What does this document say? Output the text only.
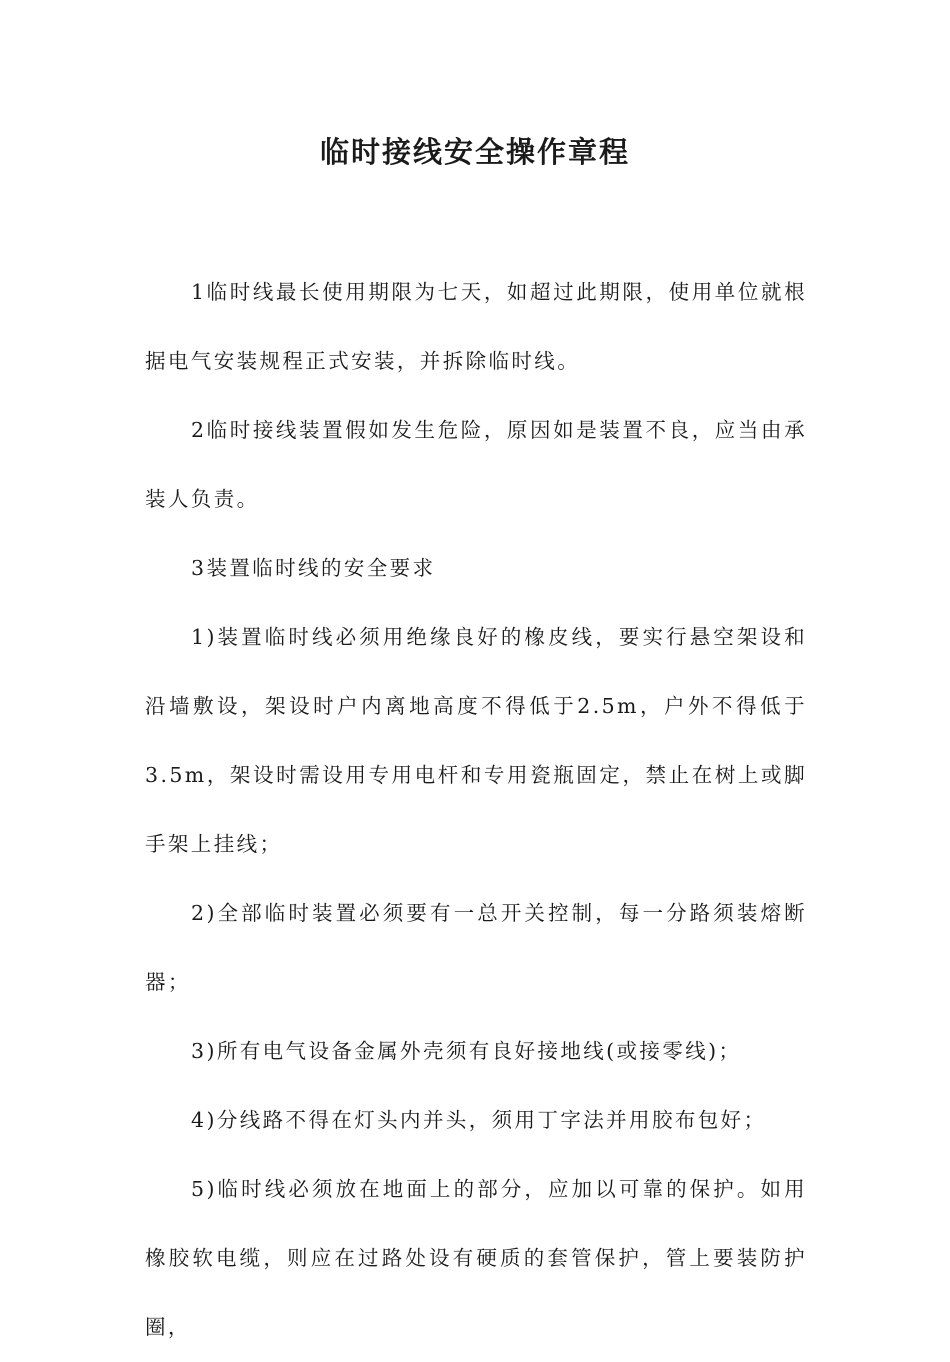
临时接线安全操作章程

1临时线最长使用期限为七天，如超过此期限，使用单位就根据电气安装规程正式安装，并拆除临时线。

2临时接线装置假如发生危险，原因如是装置不良，应当由承装人负责。

3装置临时线的安全要求

1)装置临时线必须用绝缘良好的橡皮线，要实行悬空架设和沿墙敷设，架设时户内离地高度不得低于2.5m，户外不得低于3.5m，架设时需设用专用电杆和专用瓷瓶固定，禁止在树上或脚手架上挂线；

2)全部临时装置必须要有一总开关控制，每一分路须装熔断器；

3)所有电气设备金属外壳须有良好接地线(或接零线)；

4)分线路不得在灯头内并头，须用丁字法并用胶布包好；

5)临时线必须放在地面上的部分，应加以可靠的保护。如用橡胶软电缆，则应在过路处设有硬质的套管保护，管上要装防护圈，
